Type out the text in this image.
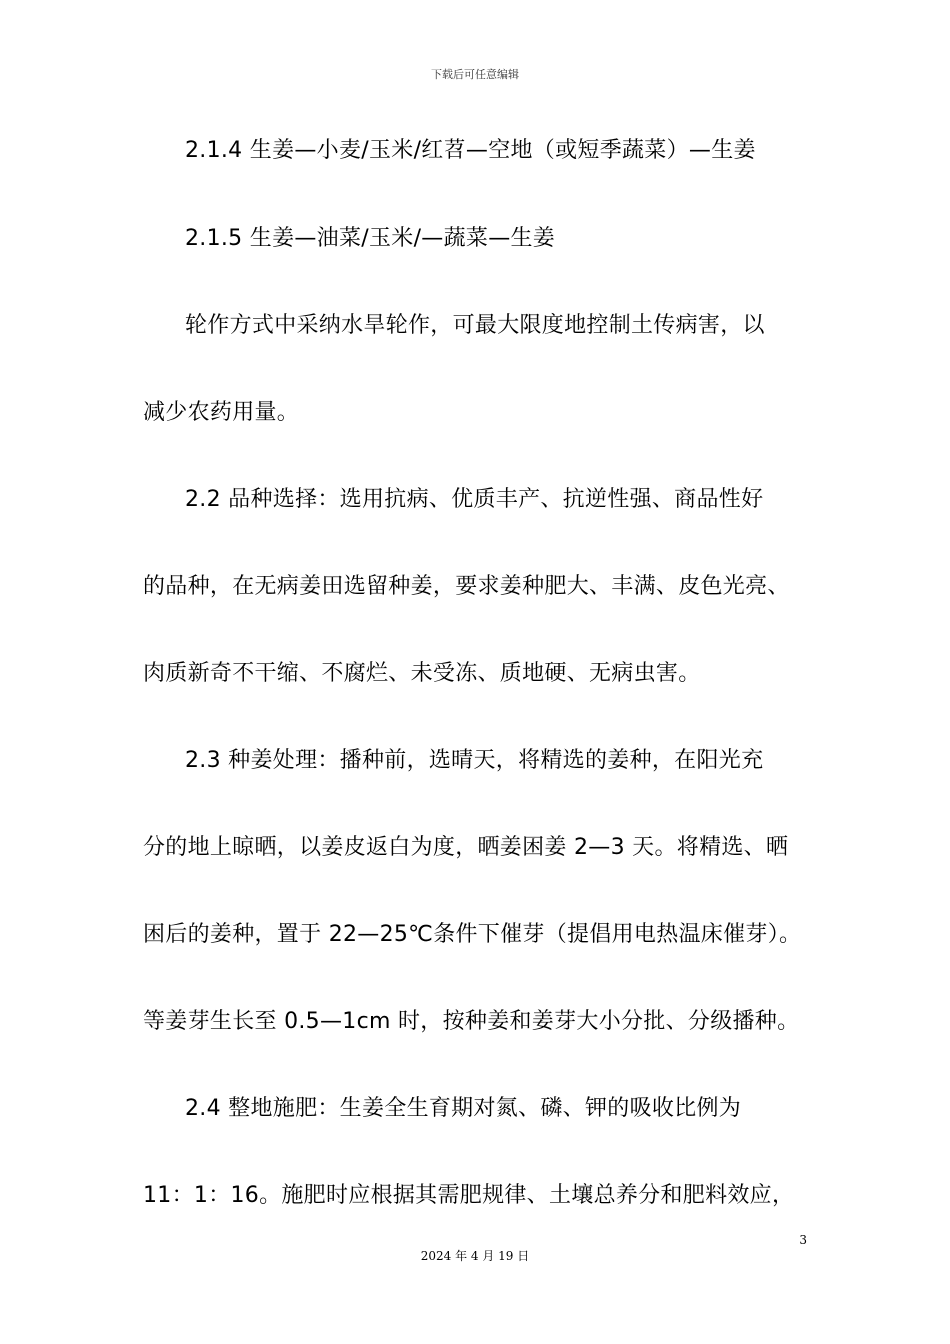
下载后可任意编辑
2.1.4 生姜—小麦/玉米/红苕—空地（或短季蔬菜）—生姜
2.1.5 生姜—油菜/玉米/—蔬菜—生姜
轮作方式中采纳水旱轮作，可最大限度地控制土传病害，以
减少农药用量。
2.2 品种选择：选用抗病、优质丰产、抗逆性强、商品性好
的品种，在无病姜田选留种姜，要求姜种肥大、丰满、皮色光亮、
肉质新奇不干缩、不腐烂、未受冻、质地硬、无病虫害。
2.3 种姜处理：播种前，选晴天，将精选的姜种，在阳光充
分的地上晾晒，以姜皮返白为度，晒姜困姜 2—3 天。将精选、晒
困后的姜种，置于 22—25℃条件下催芽（提倡用电热温床催芽）。
等姜芽生长至 0.5—1cm 时，按种姜和姜芽大小分批、分级播种。
2.4 整地施肥：生姜全生育期对氮、磷、钾的吸收比例为
11：1：16。施肥时应根据其需肥规律、土壤总养分和肥料效应，
3
2024 年 4 月 19 日
